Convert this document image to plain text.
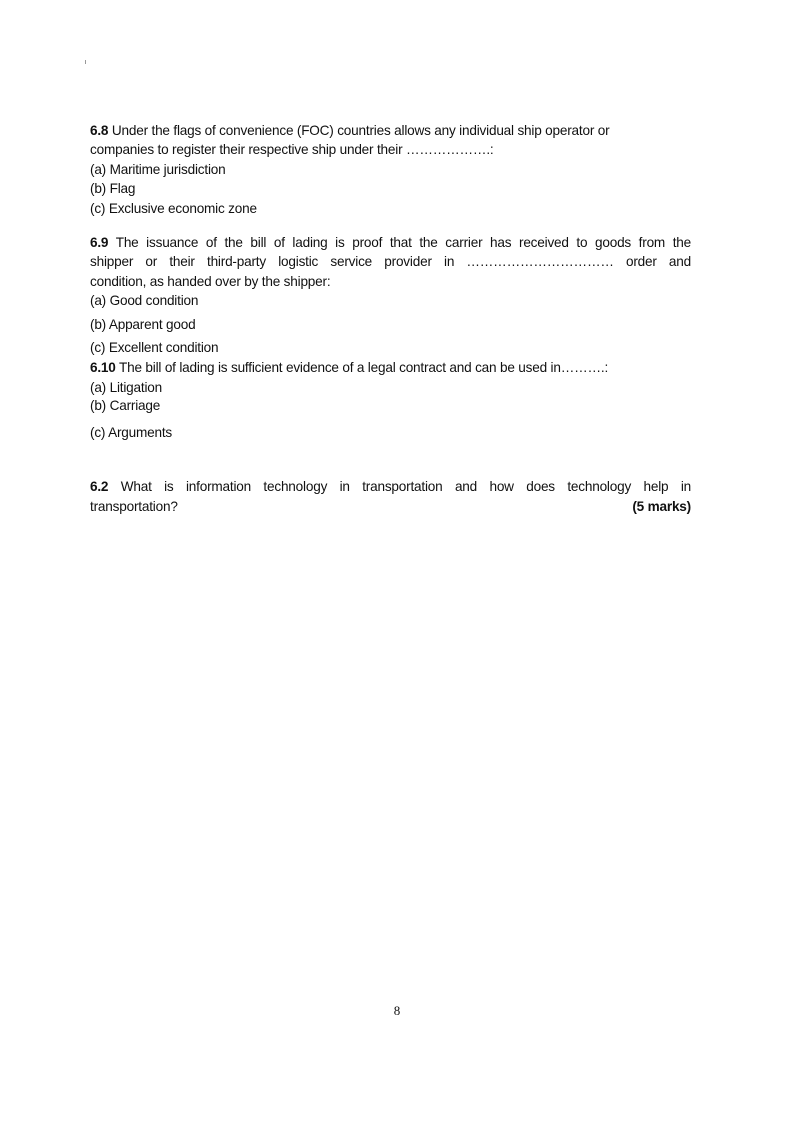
6.8 Under the flags of convenience (FOC) countries allows any individual ship operator or
companies to register their respective ship under their ……………….:
(a) Maritime jurisdiction
(b) Flag
(c) Exclusive economic zone
6.9 The issuance of the bill of lading is proof that the carrier has received to goods from the
shipper or their third-party logistic service provider in …………………………… order and
condition, as handed over by the shipper:
(a) Good condition
(b) Apparent good
(c) Excellent condition
6.10 The bill of lading is sufficient evidence of a legal contract and can be used in……….:
(a) Litigation
(b) Carriage
(c) Arguments
6.2 What is information technology in transportation and how does technology help in
transportation?	(5 marks)
8
